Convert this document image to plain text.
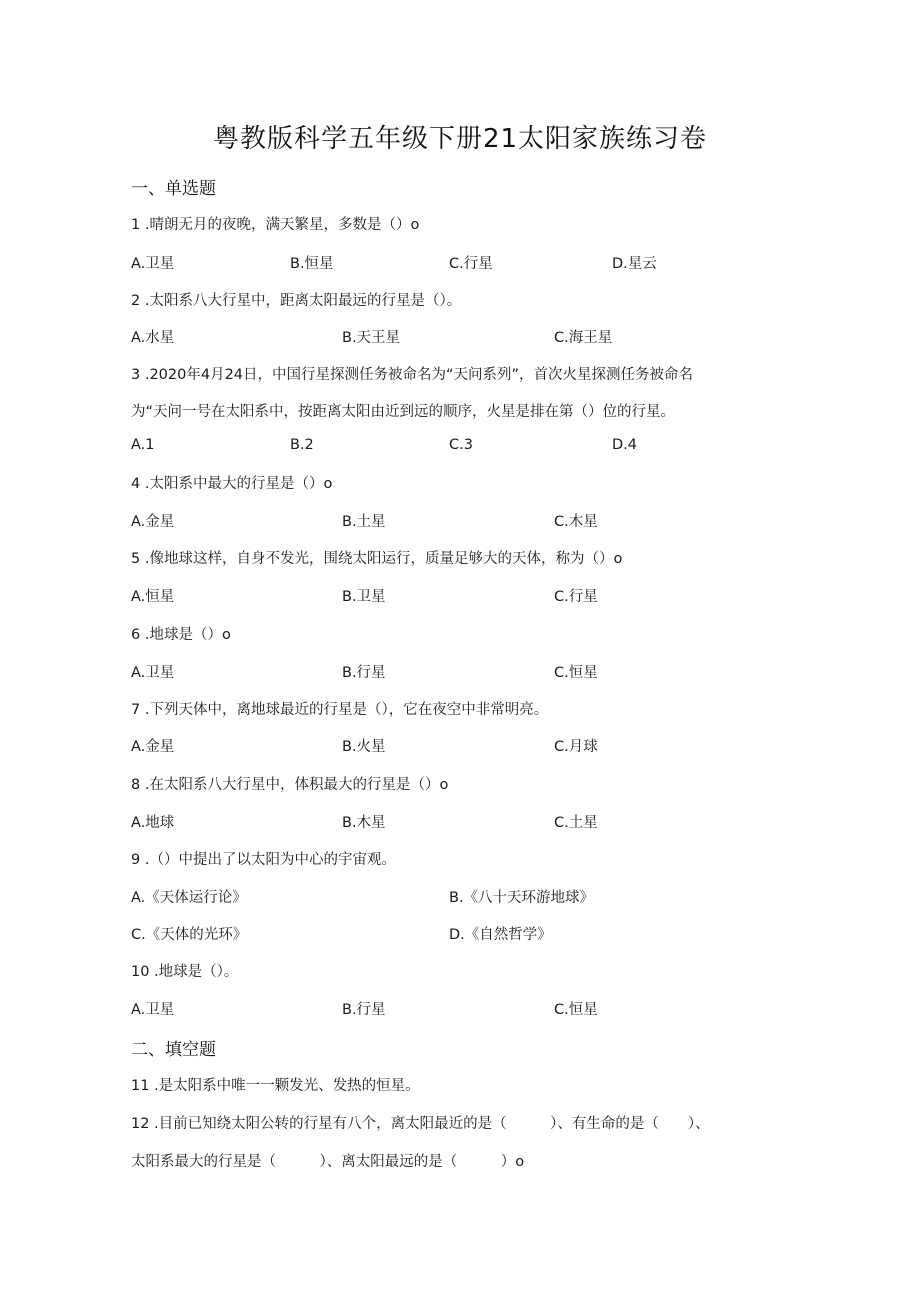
粤教版科学五年级下册21太阳家族练习卷
一、单选题
1 .晴朗无月的夜晚，满天繁星，多数是（）o
A.卫星	B.恒星	C.行星	D.星云
2 .太阳系八大行星中，距离太阳最远的行星是（）。
A.水星	B.天王星	C.海王星
3 .2020年4月24日，中国行星探测任务被命名为“天问系列”，首次火星探测任务被命名
为“天问一号在太阳系中，按距离太阳由近到远的顺序，火星是排在第（）位的行星。
A.1	B.2	C.3	D.4
4 .太阳系中最大的行星是（）o
A.金星	B.土星	C.木星
5 .像地球这样，自身不发光，围绕太阳运行，质量足够大的天体，称为（）o
A.恒星	B.卫星	C.行星
6 .地球是（）o
A.卫星	B.行星	C.恒星
7 .下列天体中，离地球最近的行星是（），它在夜空中非常明亮。
A.金星	B.火星	C.月球
8 .在太阳系八大行星中，体积最大的行星是（）o
A.地球	B.木星	C.土星
9 .（）中提出了以太阳为中心的宇宙观。
A.《天体运行论》	B.《八十天环游地球》
C.《天体的光环》	D.《自然哲学》
10 .地球是（）。
A.卫星	B.行星	C.恒星
二、填空题
11 .是太阳系中唯一一颗发光、发热的恒星。
12 .目前已知绕太阳公转的行星有八个，离太阳最近的是（　　　）、有生命的是（　　）、
太阳系最大的行星是（　　　）、离太阳最远的是（　　　）o
